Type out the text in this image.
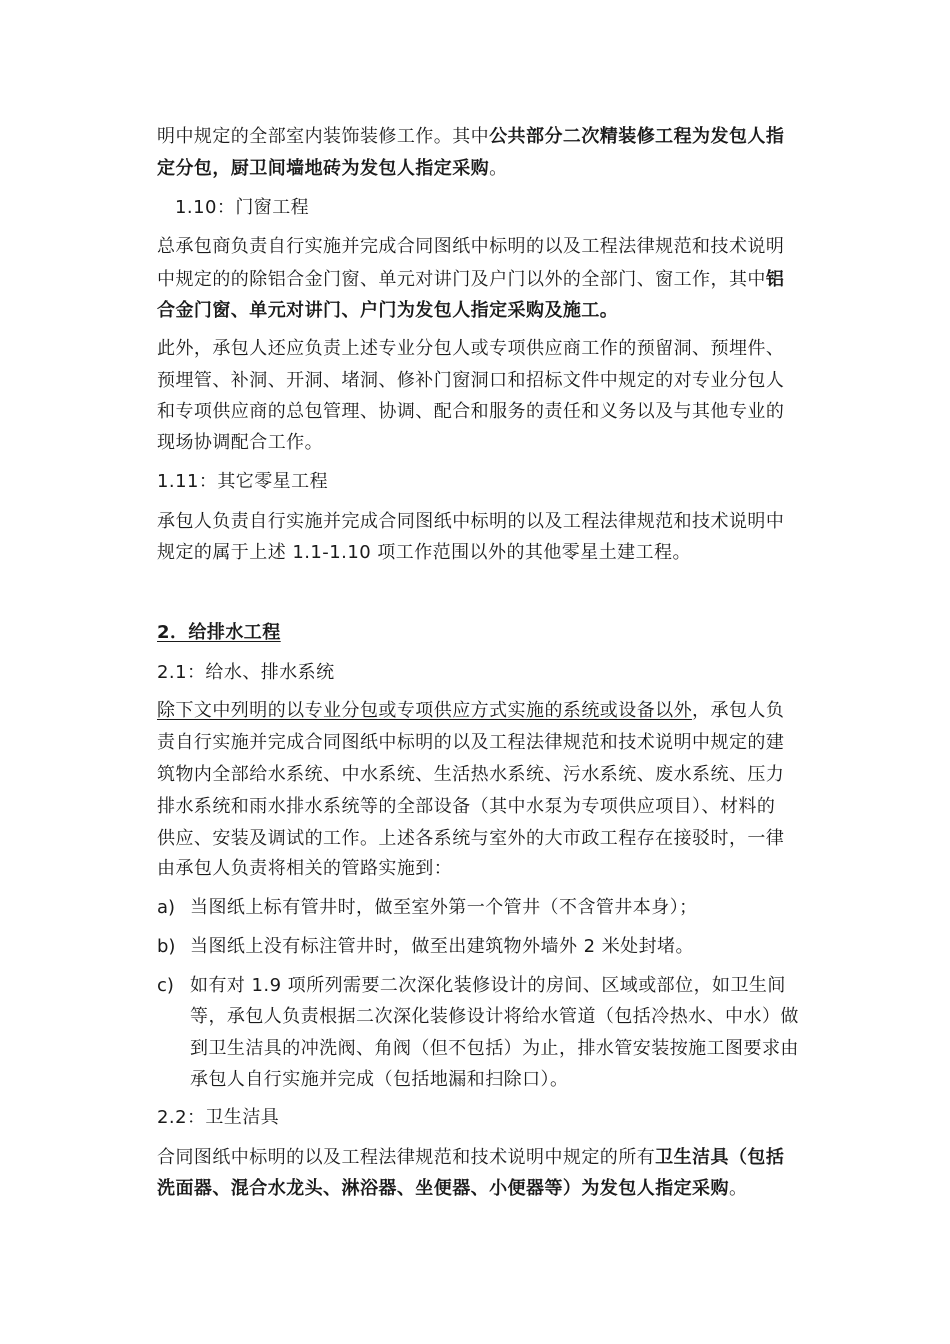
明中规定的全部室内装饰装修工作。其中公共部分二次精装修工程为发包人指
定分包，厨卫间墙地砖为发包人指定采购。
1.10：门窗工程
总承包商负责自行实施并完成合同图纸中标明的以及工程法律规范和技术说明
中规定的的除铝合金门窗、单元对讲门及户门以外的全部门、窗工作，其中铝
合金门窗、单元对讲门、户门为发包人指定采购及施工。
此外，承包人还应负责上述专业分包人或专项供应商工作的预留洞、预埋件、
预埋管、补洞、开洞、堵洞、修补门窗洞口和招标文件中规定的对专业分包人
和专项供应商的总包管理、协调、配合和服务的责任和义务以及与其他专业的
现场协调配合工作。
1.11：其它零星工程
承包人负责自行实施并完成合同图纸中标明的以及工程法律规范和技术说明中
规定的属于上述 1.1-1.10 项工作范围以外的其他零星土建工程。
2．给排水工程
2.1：给水、排水系统
除下文中列明的以专业分包或专项供应方式实施的系统或设备以外，承包人负
责自行实施并完成合同图纸中标明的以及工程法律规范和技术说明中规定的建
筑物内全部给水系统、中水系统、生活热水系统、污水系统、废水系统、压力
排水系统和雨水排水系统等的全部设备（其中水泵为专项供应项目）、材料的
供应、安装及调试的工作。上述各系统与室外的大市政工程存在接驳时，一律
由承包人负责将相关的管路实施到：
a) 当图纸上标有管井时，做至室外第一个管井（不含管井本身）；
b) 当图纸上没有标注管井时，做至出建筑物外墙外 2 米处封堵。
c) 如有对 1.9 项所列需要二次深化装修设计的房间、区域或部位，如卫生间
等，承包人负责根据二次深化装修设计将给水管道（包括冷热水、中水）做
到卫生洁具的冲洗阀、角阀（但不包括）为止，排水管安装按施工图要求由
承包人自行实施并完成（包括地漏和扫除口）。
2.2：卫生洁具
合同图纸中标明的以及工程法律规范和技术说明中规定的所有卫生洁具（包括
洗面器、混合水龙头、淋浴器、坐便器、小便器等）为发包人指定采购。
